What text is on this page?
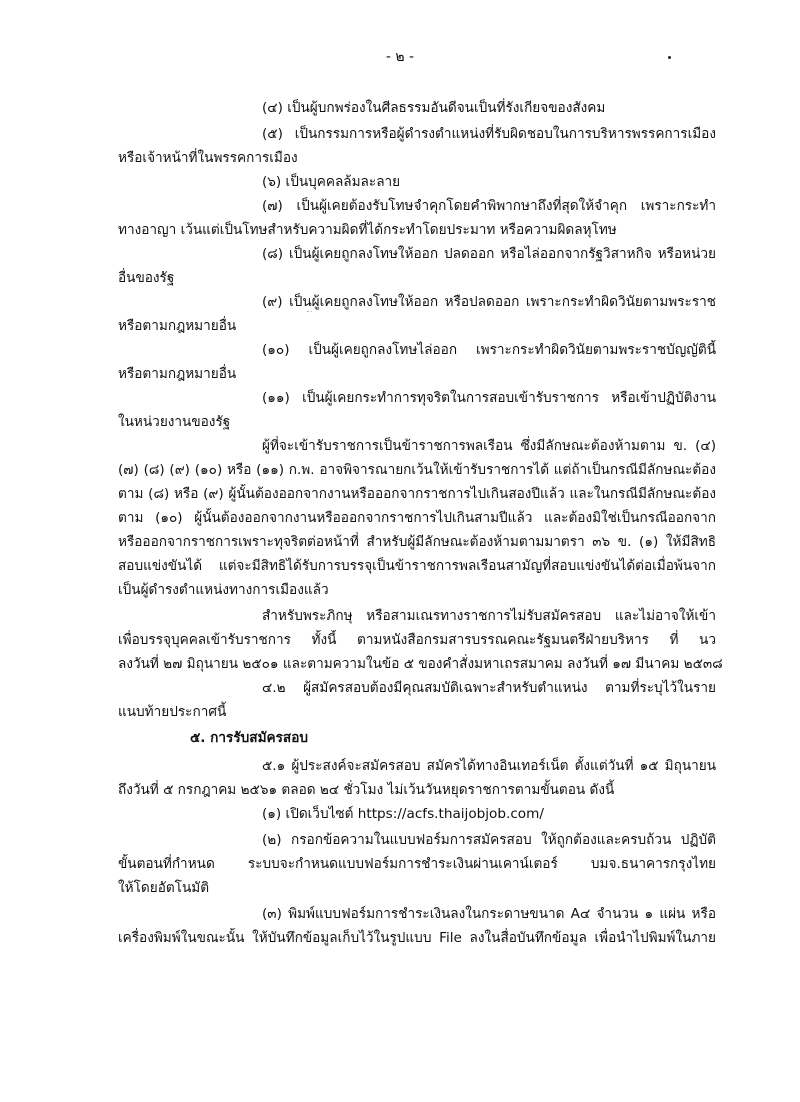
- ๒ -
(๔) เป็นผู้บกพร่องในศีลธรรมอันดีจนเป็นที่รังเกียจของสังคม
(๕) เป็นกรรมการหรือผู้ดำรงตำแหน่งที่รับผิดชอบในการบริหารพรรคการเมือง
หรือเจ้าหน้าที่ในพรรคการเมือง
(๖) เป็นบุคคลล้มละลาย
(๗) เป็นผู้เคยต้องรับโทษจำคุกโดยคำพิพากษาถึงที่สุดให้จำคุก เพราะกระทำ
ทางอาญา เว้นแต่เป็นโทษสำหรับความผิดที่ได้กระทำโดยประมาท หรือความผิดลหุโทษ
(๘) เป็นผู้เคยถูกลงโทษให้ออก ปลดออก หรือไล่ออกจากรัฐวิสาหกิจ หรือหน่วย
อื่นของรัฐ
(๙) เป็นผู้เคยถูกลงโทษให้ออก หรือปลดออก เพราะกระทำผิดวินัยตามพระราช
หรือตามกฎหมายอื่น
(๑๐) เป็นผู้เคยถูกลงโทษไล่ออก เพราะกระทำผิดวินัยตามพระราชบัญญัตินี้
หรือตามกฎหมายอื่น
(๑๑) เป็นผู้เคยกระทำการทุจริตในการสอบเข้ารับราชการ หรือเข้าปฏิบัติงาน
ในหน่วยงานของรัฐ
ผู้ที่จะเข้ารับราชการเป็นข้าราชการพลเรือน ซึ่งมีลักษณะต้องห้ามตาม ข. (๔)
(๗) (๘) (๙) (๑๐) หรือ (๑๑) ก.พ. อาจพิจารณายกเว้นให้เข้ารับราชการได้ แต่ถ้าเป็นกรณีมีลักษณะต้อง
ตาม (๘) หรือ (๙) ผู้นั้นต้องออกจากงานหรือออกจากราชการไปเกินสองปีแล้ว และในกรณีมีลักษณะต้อง
ตาม (๑๐) ผู้นั้นต้องออกจากงานหรือออกจากราชการไปเกินสามปีแล้ว และต้องมิใช่เป็นกรณีออกจาก
หรือออกจากราชการเพราะทุจริตต่อหน้าที่ สำหรับผู้มีลักษณะต้องห้ามตามมาตรา ๓๖ ข. (๑) ให้มีสิทธิ
สอบแข่งขันได้ แต่จะมีสิทธิได้รับการบรรจุเป็นข้าราชการพลเรือนสามัญที่สอบแข่งขันได้ต่อเมื่อพ้นจาก
เป็นผู้ดำรงตำแหน่งทางการเมืองแล้ว
สำหรับพระภิกษุ หรือสามเณรทางราชการไม่รับสมัครสอบ และไม่อาจให้เข้า
เพื่อบรรจุบุคคลเข้ารับราชการ ทั้งนี้ ตามหนังสือกรมสารบรรณคณะรัฐมนตรีฝ่ายบริหาร ที่ นว
ลงวันที่ ๒๗ มิถุนายน ๒๕๐๑ และตามความในข้อ ๕ ของคำสั่งมหาเถรสมาคม ลงวันที่ ๑๗ มีนาคม ๒๕๓๘
๔.๒ ผู้สมัครสอบต้องมีคุณสมบัติเฉพาะสำหรับตำแหน่ง ตามที่ระบุไว้ในราย
แนบท้ายประกาศนี้
๕. การรับสมัครสอบ
๕.๑ ผู้ประสงค์จะสมัครสอบ สมัครได้ทางอินเทอร์เน็ต ตั้งแต่วันที่ ๑๕ มิถุนายน
ถึงวันที่ ๕ กรกฎาคม ๒๕๖๑ ตลอด ๒๔ ชั่วโมง ไม่เว้นวันหยุดราชการตามขั้นตอน ดังนี้
(๑) เปิดเว็บไซต์ https://acfs.thaijobjob.com/
(๒) กรอกข้อความในแบบฟอร์มการสมัครสอบ ให้ถูกต้องและครบถ้วน ปฏิบัติ
ขั้นตอนที่กำหนด ระบบจะกำหนดแบบฟอร์มการชำระเงินผ่านเคาน์เตอร์ บมจ.ธนาคารกรุงไทย
ให้โดยอัตโนมัติ
(๓) พิมพ์แบบฟอร์มการชำระเงินลงในกระดาษขนาด A๔ จำนวน ๑ แผ่น หรือ
เครื่องพิมพ์ในขณะนั้น ให้บันทึกข้อมูลเก็บไว้ในรูปแบบ File ลงในสื่อบันทึกข้อมูล เพื่อนำไปพิมพ์ในภาย
